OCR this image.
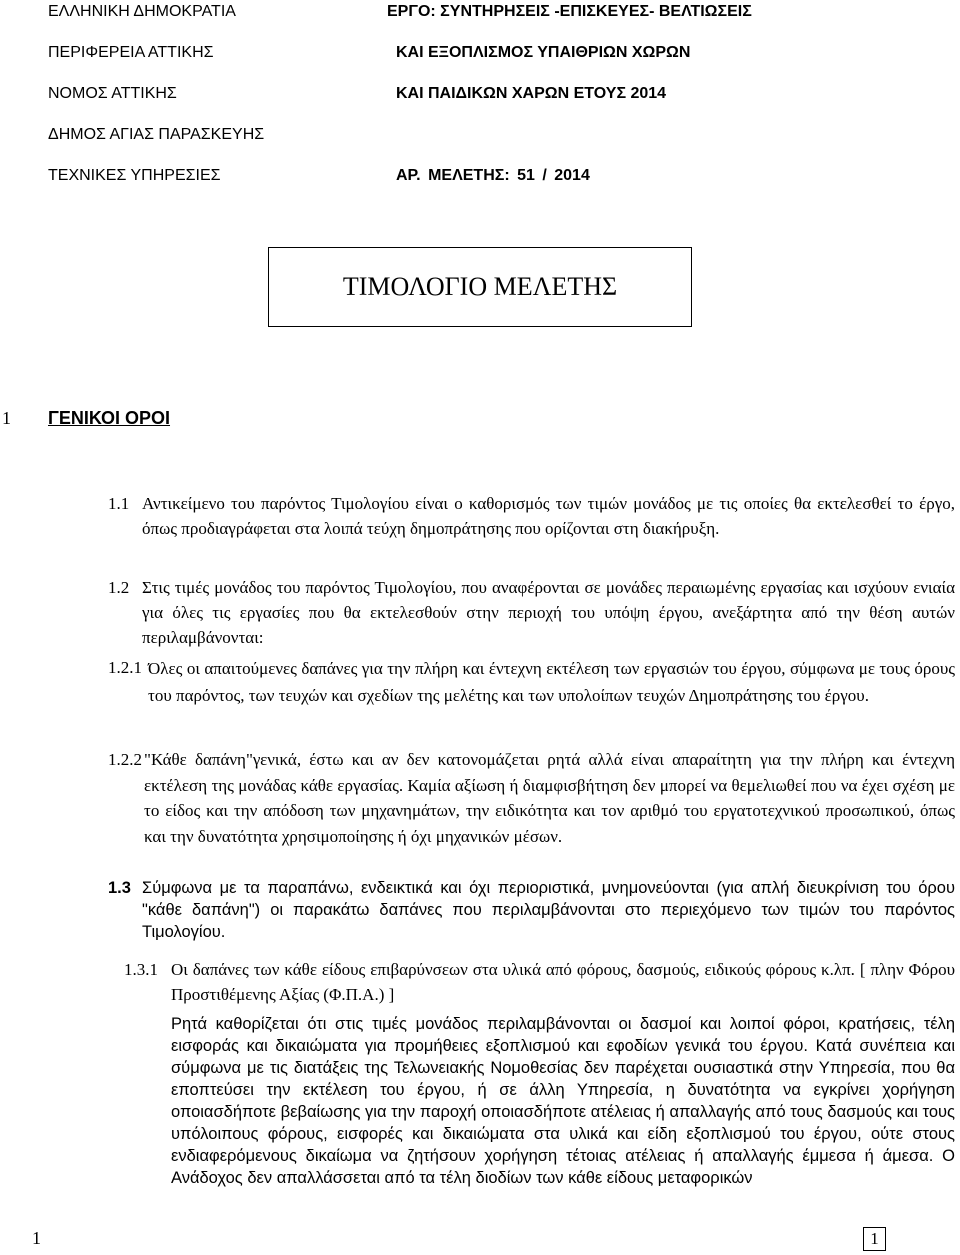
ΕΛΛΗΝΙΚΗ ΔΗΜΟΚΡΑΤΙΑ
ΠΕΡΙΦΕΡΕΙΑ ΑΤΤΙΚΗΣ
ΝΟΜΟΣ ΑΤΤΙΚΗΣ
ΔΗΜΟΣ ΑΓΙΑΣ ΠΑΡΑΣΚΕΥΗΣ
ΤΕΧΝΙΚΕΣ ΥΠΗΡΕΣΙΕΣ
ΕΡΓΟ: ΣΥΝΤΗΡΗΣΕΙΣ -ΕΠΙΣΚΕΥΕΣ- ΒΕΛΤΙΩΣΕΙΣ
ΚΑΙ ΕΞΟΠΛΙΣΜΟΣ ΥΠΑΙΘΡΙΩΝ ΧΩΡΩΝ
ΚΑΙ ΠΑΙΔΙΚΩΝ ΧΑΡΩΝ ΕΤΟΥΣ 2014
ΑΡ. ΜΕΛΕΤΗΣ: 51 / 2014
ΤΙΜΟΛΟΓΙΟ ΜΕΛΕΤΗΣ
1 ΓΕΝΙΚΟΙ ΟΡΟΙ
1.1 Αντικείμενο του παρόντος Τιμολογίου είναι ο καθορισμός των τιμών μονάδος με τις οποίες θα εκτελεσθεί το έργο, όπως προδιαγράφεται στα λοιπά τεύχη δημοπράτησης που ορίζονται στη διακήρυξη.
1.2 Στις τιμές μονάδος του παρόντος Τιμολογίου, που αναφέρονται σε μονάδες περαιωμένης εργασίας και ισχύουν ενιαία για όλες τις εργασίες που θα εκτελεσθούν στην περιοχή του υπόψη έργου, ανεξάρτητα από την θέση αυτών περιλαμβάνονται:
1.2.1 Όλες οι απαιτούμενες δαπάνες για την πλήρη και έντεχνη εκτέλεση των εργασιών του έργου, σύμφωνα με τους όρους του παρόντος, των τευχών και σχεδίων της μελέτης και των υπολοίπων τευχών Δημοπράτησης του έργου.
1.2.2 "Κάθε δαπάνη"γενικά, έστω και αν δεν κατονομάζεται ρητά αλλά είναι απαραίτητη για την πλήρη και έντεχνη εκτέλεση της μονάδας κάθε εργασίας. Καμία αξίωση ή διαμφισβήτηση δεν μπορεί να θεμελιωθεί που να έχει σχέση με το είδος και την απόδοση των μηχανημάτων, την ειδικότητα και τον αριθμό του εργατοτεχνικού προσωπικού, όπως και την δυνατότητα χρησιμοποίησης ή όχι μηχανικών μέσων.
1.3 Σύμφωνα με τα παραπάνω, ενδεικτικά και όχι περιοριστικά, μνημονεύονται (για απλή διευκρίνιση του όρου "κάθε δαπάνη") οι παρακάτω δαπάνες που περιλαμβάνονται στο περιεχόμενο των τιμών του παρόντος Τιμολογίου.
1.3.1 Οι δαπάνες των κάθε είδους επιβαρύνσεων στα υλικά από φόρους, δασμούς, ειδικούς φόρους κ.λπ. [ πλην Φόρου Προστιθέμενης Αξίας (Φ.Π.Α.) ]
Ρητά καθορίζεται ότι στις τιμές μονάδος περιλαμβάνονται οι δασμοί και λοιποί φόροι, κρατήσεις, τέλη εισφοράς και δικαιώματα για προμήθειες εξοπλισμού και εφοδίων γενικά του έργου. Κατά συνέπεια και σύμφωνα με τις διατάξεις της Τελωνειακής Νομοθεσίας δεν παρέχεται ουσιαστικά στην Υπηρεσία, που θα εποπτεύσει την εκτέλεση του έργου, ή σε άλλη Υπηρεσία, η δυνατότητα να εγκρίνει χορήγηση οποιασδήποτε βεβαίωσης για την παροχή οποιασδήποτε ατέλειας ή απαλλαγής από τους δασμούς και τους υπόλοιπους φόρους, εισφορές και δικαιώματα στα υλικά και είδη εξοπλισμού του έργου, ούτε στους ενδιαφερόμενους δικαίωμα να ζητήσουν χορήγηση τέτοιας ατέλειας ή απαλλαγής έμμεσα ή άμεσα. Ο Ανάδοχος δεν απαλλάσσεται από τα τέλη διοδίων των κάθε είδους μεταφορικών
1	1
